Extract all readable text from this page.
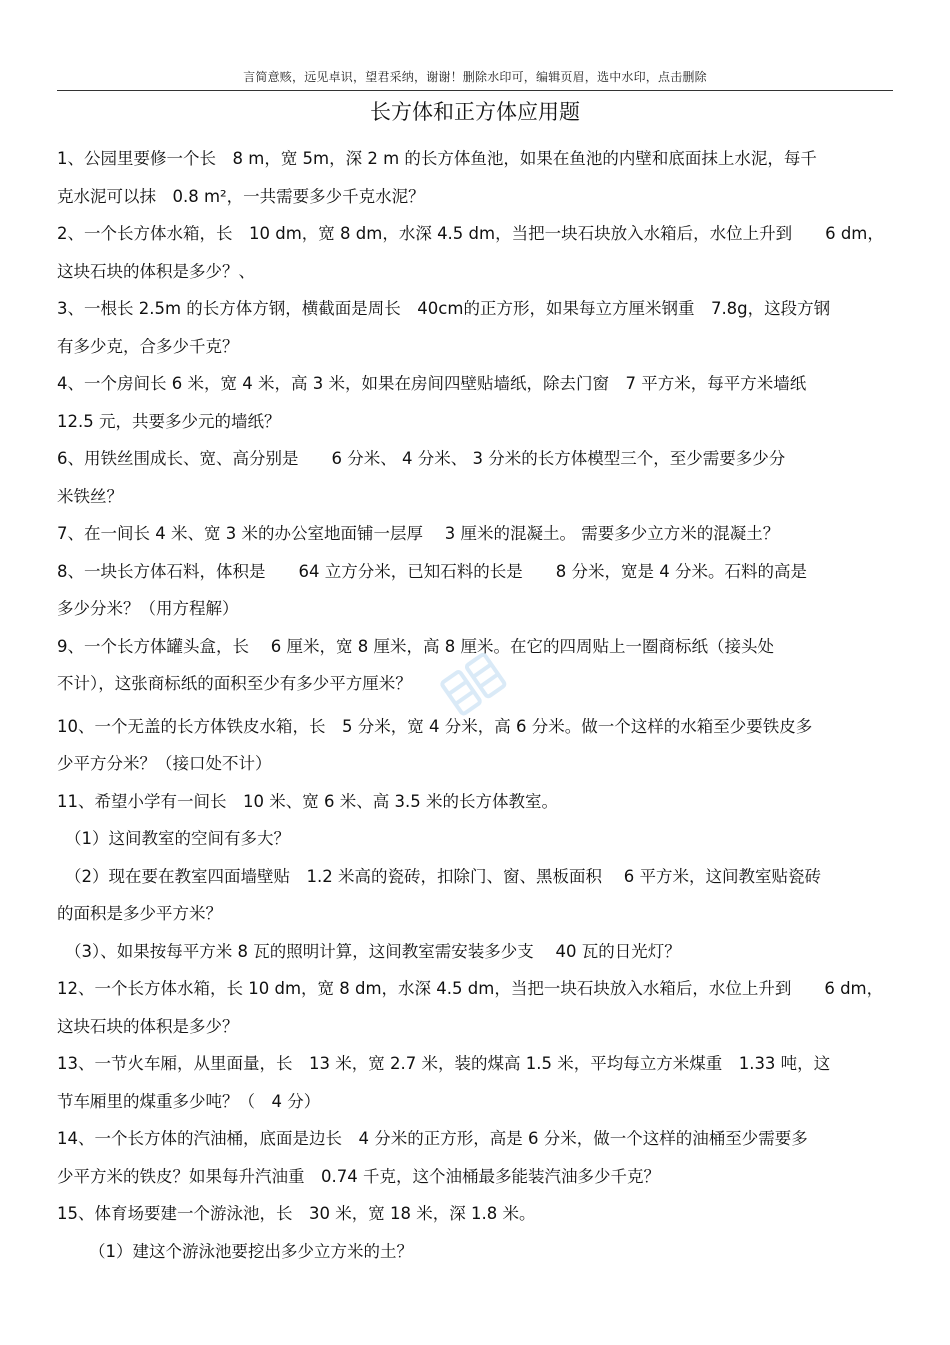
言简意赅，远见卓识，望君采纳，谢谢！删除水印可，编辑页眉，选中水印，点击删除
长方体和正方体应用题
1、公园里要修一个长　8 m，宽 5m，深 2 m 的长方体鱼池，如果在鱼池的内壁和底面抹上水泥，每千
克水泥可以抹　0.8 m²，一共需要多少千克水泥？
2、一个长方体水箱，长　10 dm，宽 8 dm，水深 4.5 dm，当把一块石块放入水箱后，水位上升到　　6 dm，
这块石块的体积是多少？、
3、一根长 2.5m 的长方体方钢，横截面是周长　40cm的正方形，如果每立方厘米钢重　7.8g，这段方钢
有多少克，合多少千克？
4、一个房间长 6 米，宽 4 米，高 3 米，如果在房间四壁贴墙纸，除去门窗　7 平方米，每平方米墙纸
12.5 元，共要多少元的墙纸？
6、用铁丝围成长、宽、高分别是　　6 分米、 4 分米、 3 分米的长方体模型三个，至少需要多少分
米铁丝？
7、在一间长 4 米、宽 3 米的办公室地面铺一层厚　 3 厘米的混凝土。 需要多少立方米的混凝土？
8、一块长方体石料，体积是　　64 立方分米，已知石料的长是　　8 分米，宽是 4 分米。石料的高是
多少分米？（用方程解）
9、一个长方体罐头盒，长　 6 厘米，宽 8 厘米，高 8 厘米。在它的四周贴上一圈商标纸（接头处
不计），这张商标纸的面积至少有多少平方厘米？
10、一个无盖的长方体铁皮水箱，长　5 分米，宽 4 分米，高 6 分米。做一个这样的水箱至少要铁皮多
少平方分米？（接口处不计）
11、希望小学有一间长　10 米、宽 6 米、高 3.5 米的长方体教室。
（1）这间教室的空间有多大？
（2）现在要在教室四面墙壁贴　1.2 米高的瓷砖，扣除门、窗、黑板面积　 6 平方米，这间教室贴瓷砖
的面积是多少平方米？
（3）、如果按每平方米 8 瓦的照明计算，这间教室需安装多少支　 40 瓦的日光灯？
12、一个长方体水箱，长 10 dm，宽 8 dm，水深 4.5 dm，当把一块石块放入水箱后，水位上升到　　6 dm，
这块石块的体积是多少？
13、一节火车厢，从里面量，长　13 米，宽 2.7 米，装的煤高 1.5 米，平均每立方米煤重　1.33 吨，这
节车厢里的煤重多少吨？（　4 分）
14、一个长方体的汽油桶，底面是边长　4 分米的正方形，高是 6 分米，做一个这样的油桶至少需要多
少平方米的铁皮？如果每升汽油重　0.74 千克，这个油桶最多能装汽油多少千克？
15、体育场要建一个游泳池，长　30 米，宽 18 米，深 1.8 米。
（1）建这个游泳池要挖出多少立方米的土？
